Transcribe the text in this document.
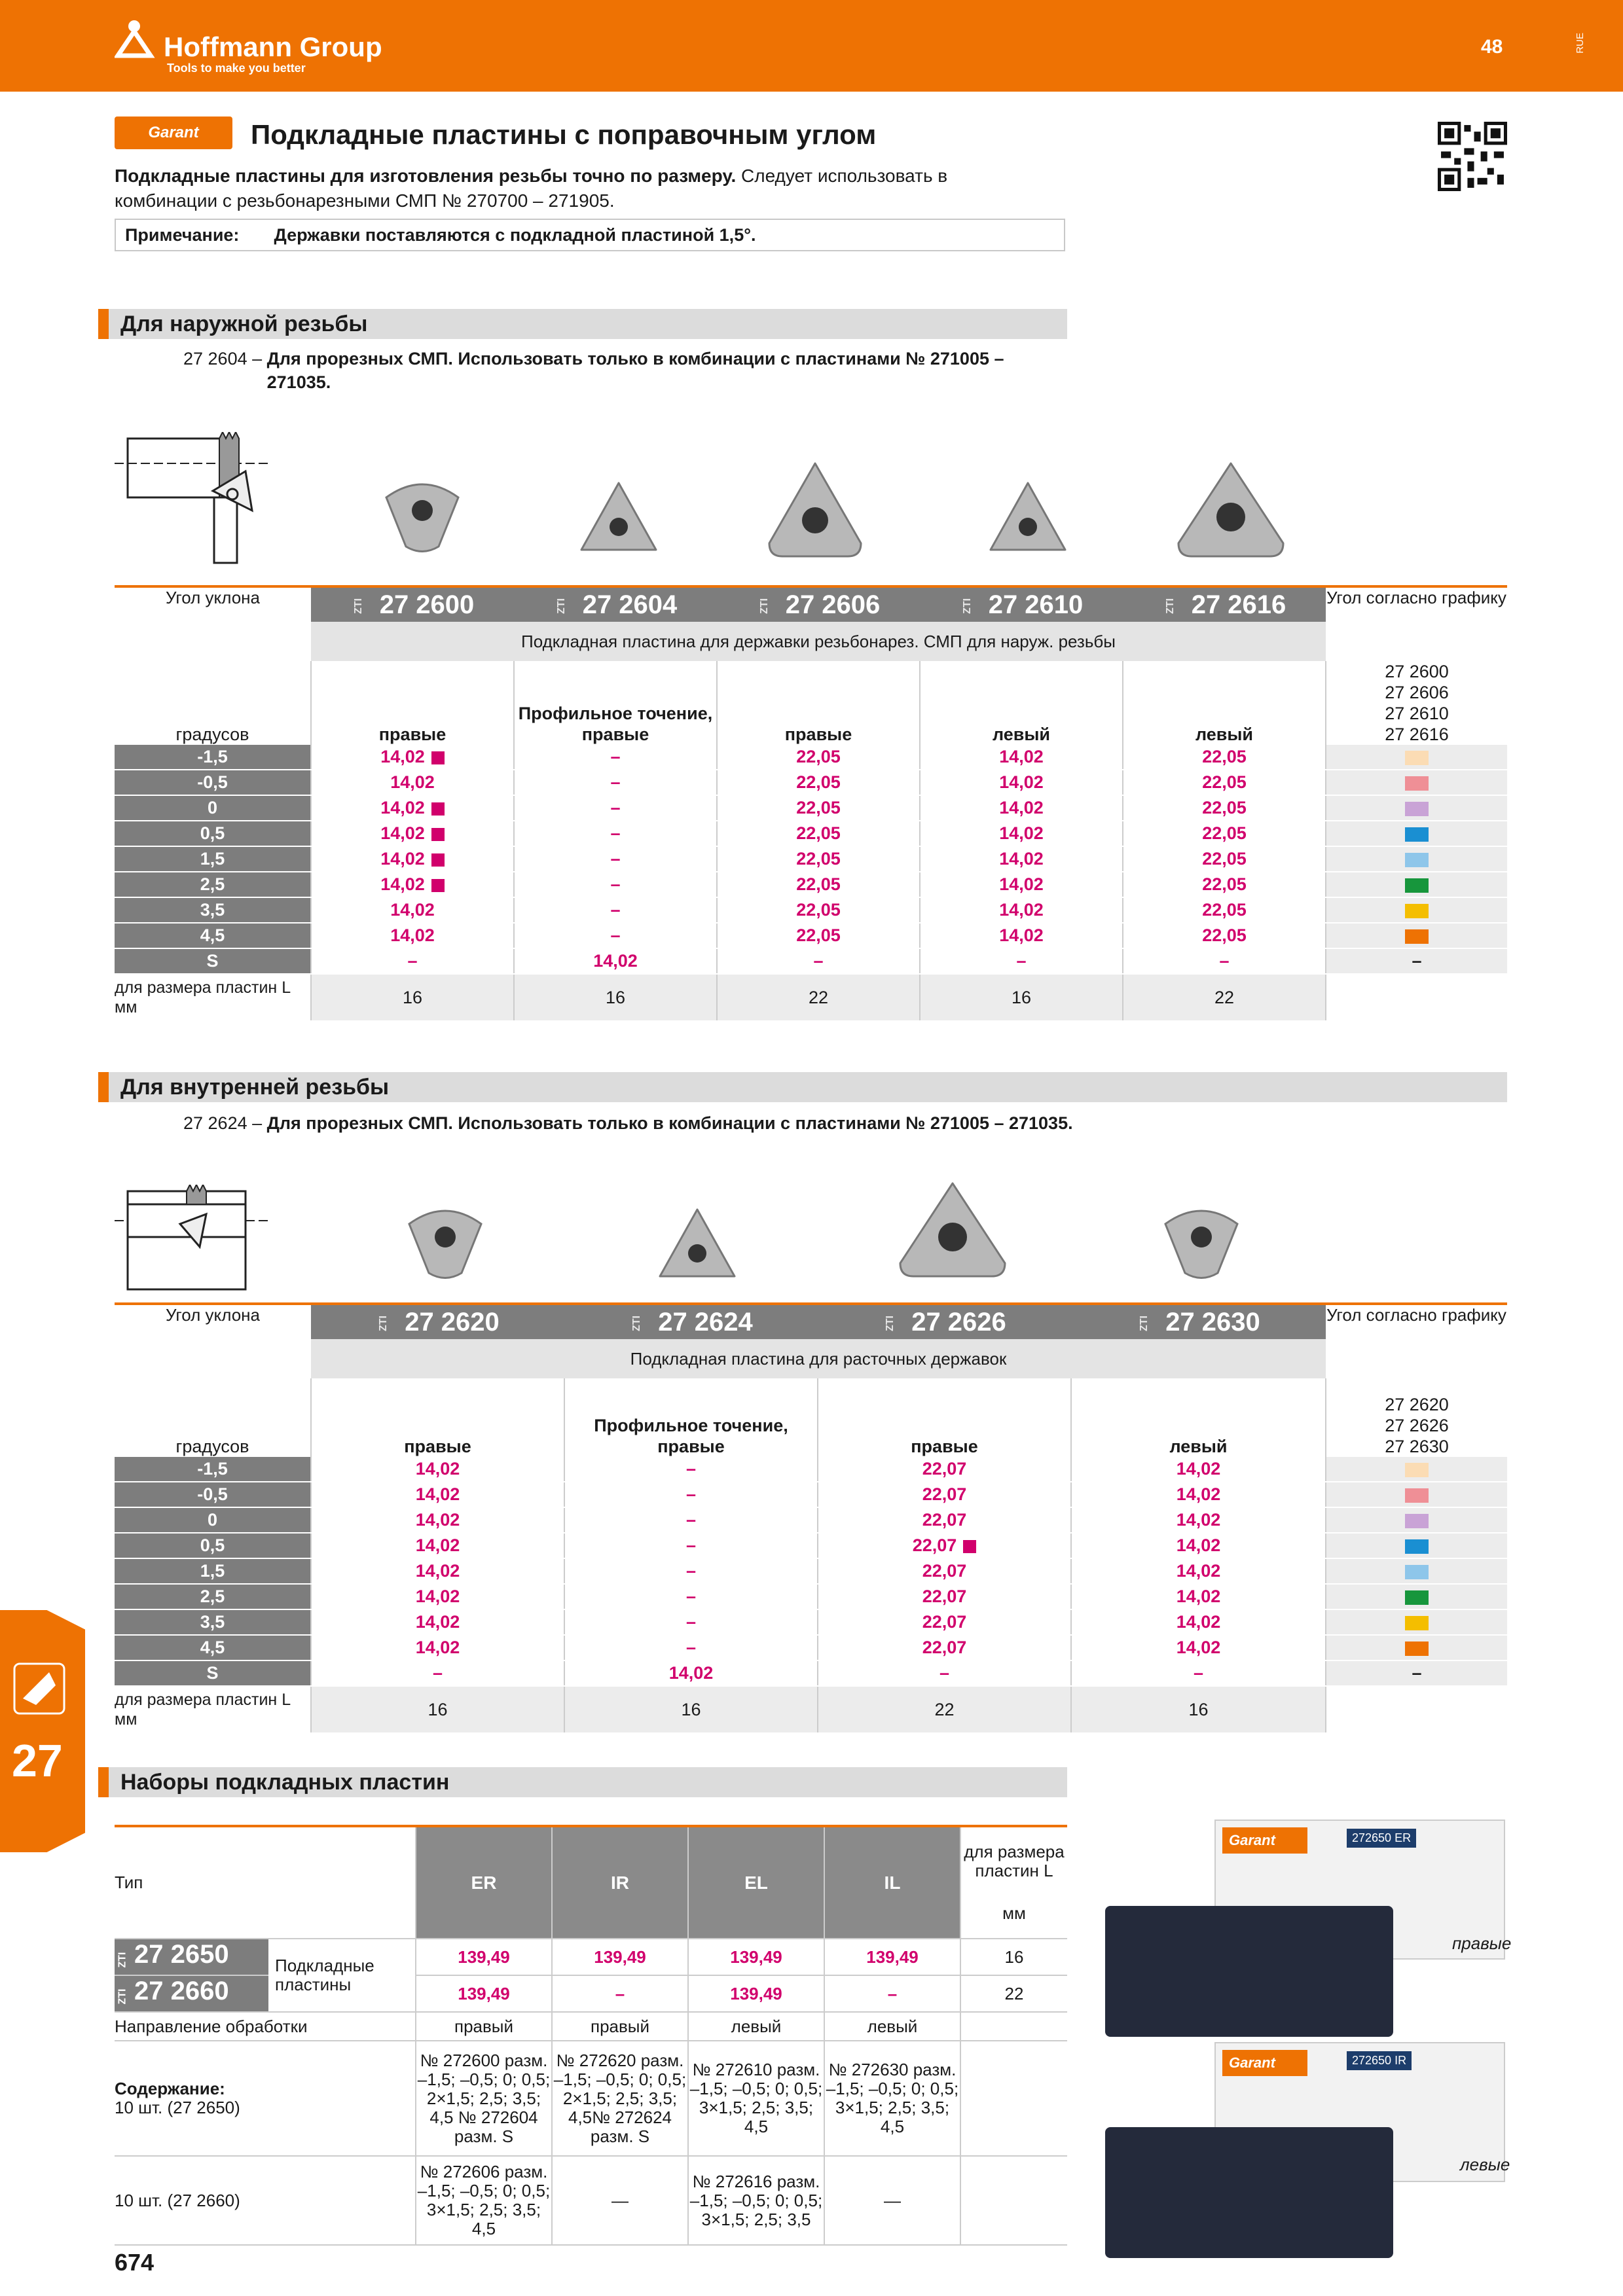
Hoffmann Group
Tools to make you better
48	RUE
Garant	Подкладные пластины с поправочным углом
Подкладные пластины для изготовления резьбы точно по размеру. Следует использовать в комбинации с резьбонарезными СМП № 270700 – 271905.
Примечание: Державки поставляются с подкладной пластиной 1,5°.
Для наружной резьбы
27 2604 – Для прорезных СМП. Использовать только в комбинации с пластинами № 271005 – 271035.
Угол уклона	ZTI 27 2600	ZTI 27 2604	ZTI 27 2606	ZTI 27 2610	ZTI 27 2616	Угол согласно графику
	Подкладная пластина для державки резьбонарез. СМП для наруж. резьбы					
градусов	правые	Профильное точение, правые	правые	левый	левый	27 2600
27 2606
27 2610
27 2616
-1,5	14,02	–	22,05	14,02	22,05	
-0,5	14,02	–	22,05	14,02	22,05	
0	14,02	–	22,05	14,02	22,05	
0,5	14,02	–	22,05	14,02	22,05	
1,5	14,02	–	22,05	14,02	22,05	
2,5	14,02	–	22,05	14,02	22,05	
3,5	14,02	–	22,05	14,02	22,05	
4,5	14,02	–	22,05	14,02	22,05	
S	–	14,02	–	–	–	–
для размера пластин L мм	16	16	22	16	22	
Для внутренней резьбы
27 2624 – Для прорезных СМП. Использовать только в комбинации с пластинами № 271005 – 271035.
Угол уклона	ZTI 27 2620	ZTI 27 2624	ZTI 27 2626	ZTI 27 2630	Угол согласно графику
	Подкладная пластина для расточных державок				
градусов	правые	Профильное точение, правые	правые	левый	27 2620
27 2626
27 2630
-1,5	14,02	–	22,07	14,02	
-0,5	14,02	–	22,07	14,02	
0	14,02	–	22,07	14,02	
0,5	14,02	–	22,07	14,02	
1,5	14,02	–	22,07	14,02	
2,5	14,02	–	22,07	14,02	
3,5	14,02	–	22,07	14,02	
4,5	14,02	–	22,07	14,02	
S	–	14,02	–	–	–
для размера пластин L мм	16	16	22	16	
27	Наборы подкладных пластин
Тип		ER	IR	EL	IL	для размера пластин L
мм

ZTI 27 2650	Подкладные пластины	139,49	139,49	139,49	139,49	16
ZTI 27 2660		139,49	–	139,49	–	22
Направление обработки		правый	правый	левый	левый	
Содержание:
10 шт. (27 2650)		№ 272600 разм. –1,5; –0,5; 0; 0,5; 2×1,5; 2,5; 3,5; 4,5 № 272604 разм. S	№ 272620 разм. –1,5; –0,5; 0; 0,5; 2×1,5; 2,5; 3,5; 4,5№ 272624 разм. S	№ 272610 разм. –1,5; –0,5; 0; 0,5; 3×1,5; 2,5; 3,5; 4,5	№ 272630 разм. –1,5; –0,5; 0; 0,5; 3×1,5; 2,5; 3,5; 4,5	
10 шт. (27 2660)		№ 272606 разм. –1,5; –0,5; 0; 0,5; 3×1,5; 2,5; 3,5; 4,5	—	№ 272616 разм. –1,5; –0,5; 0; 0,5; 3×1,5; 2,5; 3,5	—	
Garant	272650 ER
правые
Garant	272650 IR
левые
674
